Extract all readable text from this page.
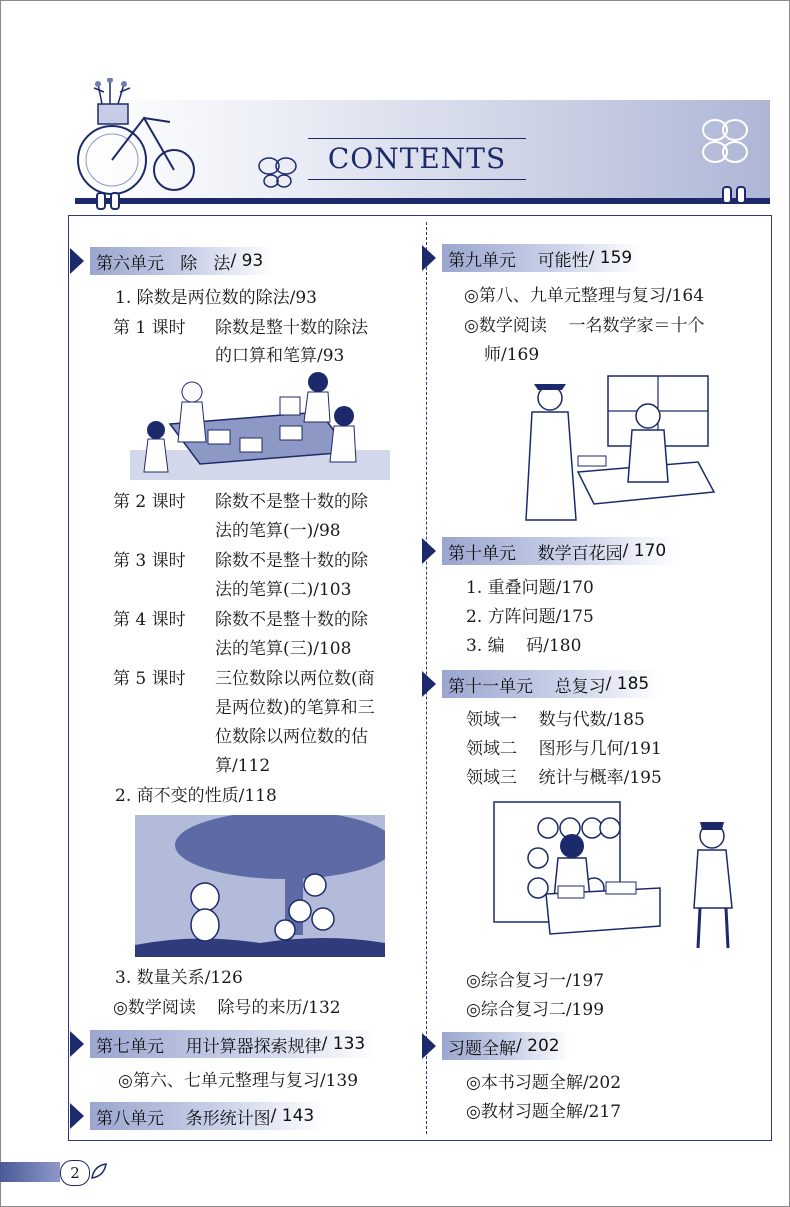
CONTENTS
第六单元   除   法 / 93
1. 除数是两位数的除法/93
第 1 课时 除数是整十数的除法
的口算和笔算/93
第 2 课时 除数不是整十数的除
法的笔算(一)/98
第 3 课时 除数不是整十数的除
法的笔算(二)/103
第 4 课时 除数不是整十数的除
法的笔算(三)/108
第 5 课时 三位数除以两位数(商
是两位数)的笔算和三
位数除以两位数的估
算/112
2. 商不变的性质/118
3. 数量关系/126
◎数学阅读    除号的来历/132
第七单元    用计算器探索规律 / 133
◎第六、七单元整理与复习/139
第八单元    条形统计图 / 143
第九单元    可能性 / 159
◎第八、九单元整理与复习/164
◎数学阅读    一名数学家＝十个
师/169
第十单元    数学百花园 / 170
1. 重叠问题/170
2. 方阵问题/175
3. 编    码/180
第十一单元    总复习 / 185
领域一    数与代数/185
领域二    图形与几何/191
领域三    统计与概率/195
◎综合复习一/197
◎综合复习二/199
习题全解 / 202
◎本书习题全解/202
◎教材习题全解/217
2
